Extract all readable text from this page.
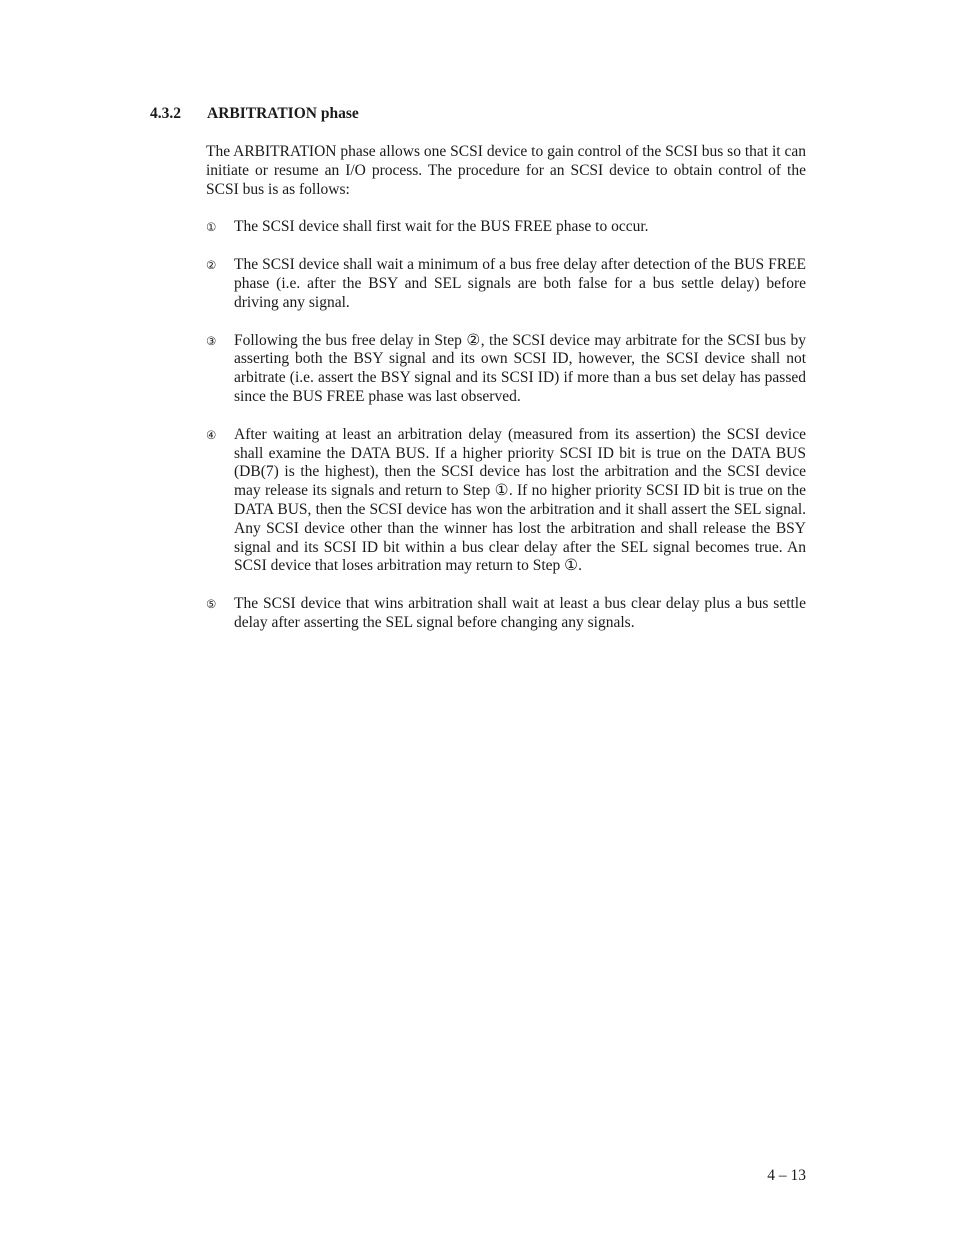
4.3.2 ARBITRATION phase

The ARBITRATION phase allows one SCSI device to gain control of the SCSI bus so that it can initiate or resume an I/O process. The procedure for an SCSI device to obtain control of the SCSI bus is as follows:

①	The SCSI device shall first wait for the BUS FREE phase to occur.
②	The SCSI device shall wait a minimum of a bus free delay after detection of the BUS FREE phase (i.e. after the BSY and SEL signals are both false for a bus settle delay) before driving any signal.
③	Following the bus free delay in Step ②, the SCSI device may arbitrate for the SCSI bus by asserting both the BSY signal and its own SCSI ID, however, the SCSI device shall not arbitrate (i.e. assert the BSY signal and its SCSI ID) if more than a bus set delay has passed since the BUS FREE phase was last observed.
④	After waiting at least an arbitration delay (measured from its assertion) the SCSI device shall examine the DATA BUS. If a higher priority SCSI ID bit is true on the DATA BUS (DB(7) is the highest), then the SCSI device has lost the arbitration and the SCSI device may release its signals and return to Step ①. If no higher priority SCSI ID bit is true on the DATA BUS, then the SCSI device has won the arbitration and it shall assert the SEL signal. Any SCSI device other than the winner has lost the arbitration and shall release the BSY signal and its SCSI ID bit within a bus clear delay after the SEL signal becomes true. An SCSI device that loses arbitration may return to Step ①.
⑤	The SCSI device that wins arbitration shall wait at least a bus clear delay plus a bus settle delay after asserting the SEL signal before changing any signals.
4 – 13
